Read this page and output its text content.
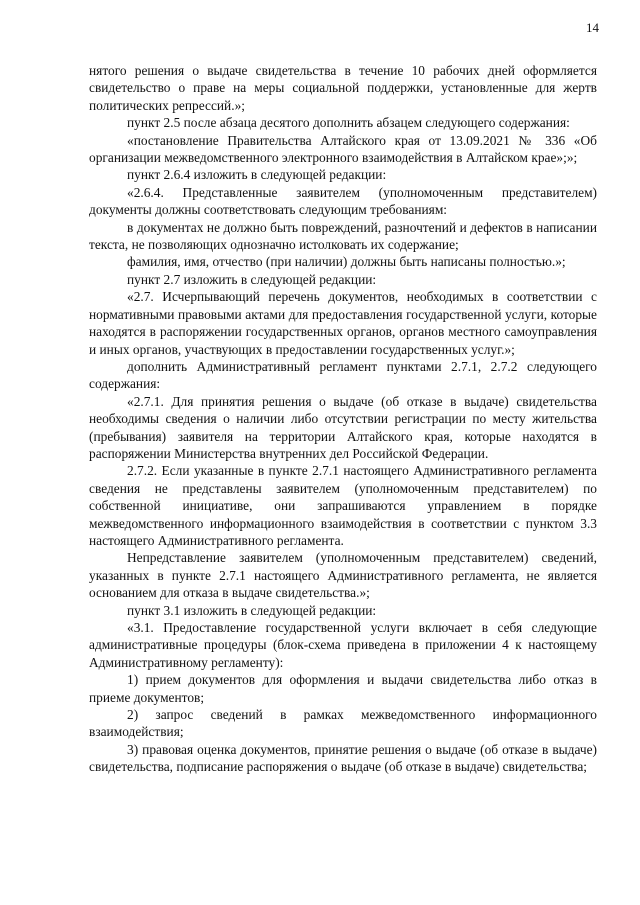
14

нятого решения о выдаче свидетельства в течение 10 рабочих дней оформляется свидетельство о праве на меры социальной поддержки, установленные для жертв политических репрессий.»;

пункт 2.5 после абзаца десятого дополнить абзацем следующего содержания:

«постановление Правительства Алтайского края от 13.09.2021 № 336 «Об организации межведомственного электронного взаимодействия в Алтайском крае»;»;

пункт 2.6.4 изложить в следующей редакции:

«2.6.4. Представленные заявителем (уполномоченным представителем) документы должны соответствовать следующим требованиям:

в документах не должно быть повреждений, разночтений и дефектов в написании текста, не позволяющих однозначно истолковать их содержание;

фамилия, имя, отчество (при наличии) должны быть написаны полностью.»;

пункт 2.7 изложить в следующей редакции:

«2.7. Исчерпывающий перечень документов, необходимых в соответствии с нормативными правовыми актами для предоставления государственной услуги, которые находятся в распоряжении государственных органов, органов местного самоуправления и иных органов, участвующих в предоставлении государственных услуг.»;

дополнить Административный регламент пунктами 2.7.1, 2.7.2 следующего содержания:

«2.7.1. Для принятия решения о выдаче (об отказе в выдаче) свидетельства необходимы сведения о наличии либо отсутствии регистрации по месту жительства (пребывания) заявителя на территории Алтайского края, которые находятся в распоряжении Министерства внутренних дел Российской Федерации.

2.7.2. Если указанные в пункте 2.7.1 настоящего Административного регламента сведения не представлены заявителем (уполномоченным представителем) по собственной инициативе, они запрашиваются управлением в порядке межведомственного информационного взаимодействия в соответствии с пунктом 3.3 настоящего Административного регламента.

Непредставление заявителем (уполномоченным представителем) сведений, указанных в пункте 2.7.1 настоящего Административного регламента, не является основанием для отказа в выдаче свидетельства.»;

пункт 3.1 изложить в следующей редакции:

«3.1. Предоставление государственной услуги включает в себя следующие административные процедуры (блок-схема приведена в приложении 4 к настоящему Административному регламенту):

1) прием документов для оформления и выдачи свидетельства либо отказ в приеме документов;

2) запрос сведений в рамках межведомственного информационного взаимодействия;

3) правовая оценка документов, принятие решения о выдаче (об отказе в выдаче) свидетельства, подписание распоряжения о выдаче (об отказе в выдаче) свидетельства;
